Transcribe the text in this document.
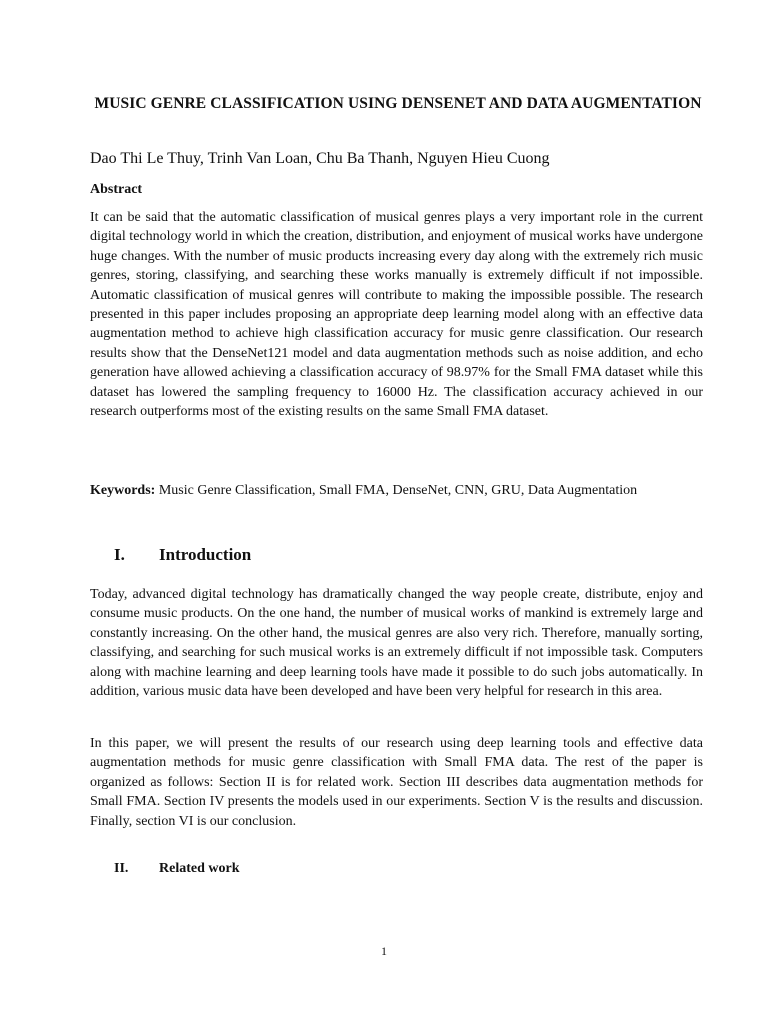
MUSIC GENRE CLASSIFICATION USING DENSENET AND DATA AUGMENTATION
Dao Thi Le Thuy, Trinh Van Loan, Chu Ba Thanh, Nguyen Hieu Cuong
Abstract
It can be said that the automatic classification of musical genres plays a very important role in the current digital technology world in which the creation, distribution, and enjoyment of musical works have undergone huge changes. With the number of music products increasing every day along with the extremely rich music genres, storing, classifying, and searching these works manually is extremely difficult if not impossible. Automatic classification of musical genres will contribute to making the impossible possible. The research presented in this paper includes proposing an appropriate deep learning model along with an effective data augmentation method to achieve high classification accuracy for music genre classification. Our research results show that the DenseNet121 model and data augmentation methods such as noise addition, and echo generation have allowed achieving a classification accuracy of 98.97% for the Small FMA dataset while this dataset has lowered the sampling frequency to 16000 Hz. The classification accuracy achieved in our research outperforms most of the existing results on the same Small FMA dataset.
Keywords: Music Genre Classification, Small FMA, DenseNet, CNN, GRU, Data Augmentation
I. Introduction
Today, advanced digital technology has dramatically changed the way people create, distribute, enjoy and consume music products. On the one hand, the number of musical works of mankind is extremely large and constantly increasing. On the other hand, the musical genres are also very rich. Therefore, manually sorting, classifying, and searching for such musical works is an extremely difficult if not impossible task. Computers along with machine learning and deep learning tools have made it possible to do such jobs automatically. In addition, various music data have been developed and have been very helpful for research in this area.
In this paper, we will present the results of our research using deep learning tools and effective data augmentation methods for music genre classification with Small FMA data. The rest of the paper is organized as follows: Section II is for related work. Section III describes data augmentation methods for Small FMA. Section IV presents the models used in our experiments. Section V is the results and discussion. Finally, section VI is our conclusion.
II. Related work
1
